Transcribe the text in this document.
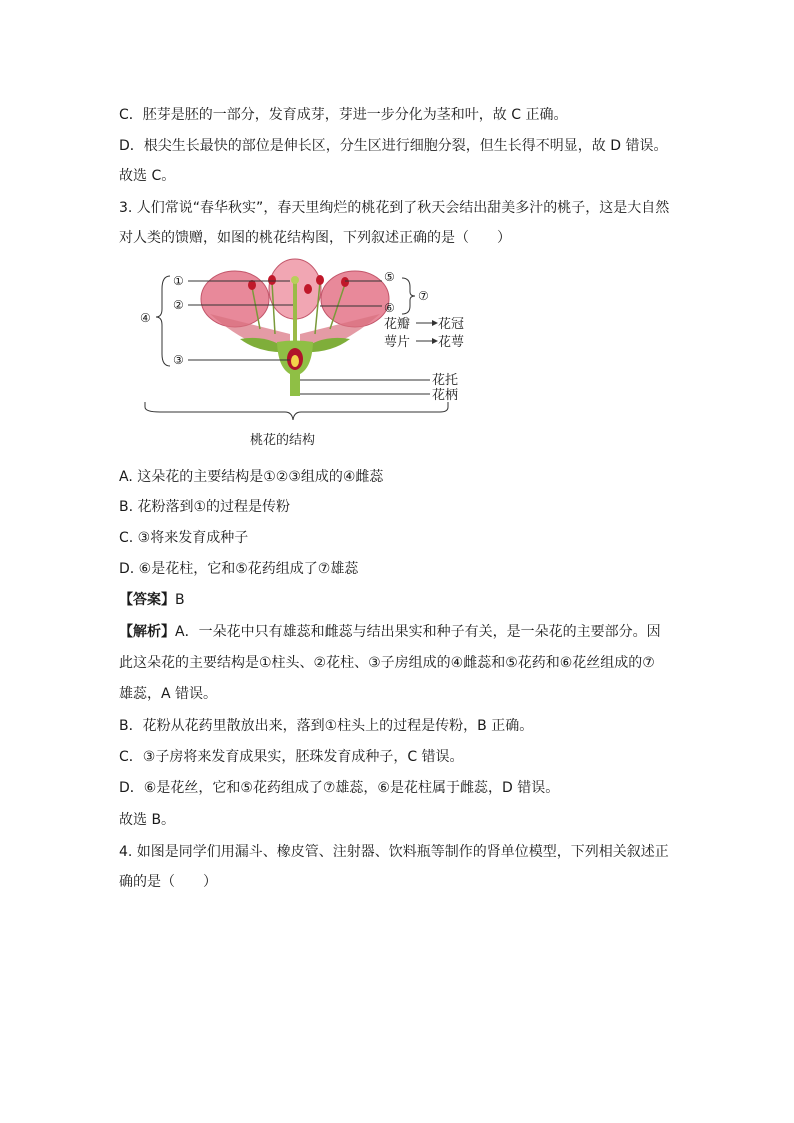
C．胚芽是胚的一部分，发育成芽，芽进一步分化为茎和叶，故 C 正确。
D．根尖生长最快的部位是伸长区，分生区进行细胞分裂，但生长得不明显，故 D 错误。
故选 C。
3. 人们常说“春华秋实”，春天里绚烂的桃花到了秋天会结出甜美多汁的桃子，这是大自然
对人类的馈赠，如图的桃花结构图，下列叙述正确的是（　　）
①
②
③
④
⑤
⑥
⑦
花瓣 花冠
萼片 花萼
花托
花柄
桃花的结构
A. 这朵花的主要结构是①②③组成的④雌蕊
B. 花粉落到①的过程是传粉
C. ③将来发育成种子
D. ⑥是花柱，它和⑤花药组成了⑦雄蕊
【答案】B
【解析】A．一朵花中只有雄蕊和雌蕊与结出果实和种子有关，是一朵花的主要部分。因
此这朵花的主要结构是①柱头、②花柱、③子房组成的④雌蕊和⑤花药和⑥花丝组成的⑦
雄蕊，A 错误。
B．花粉从花药里散放出来，落到①柱头上的过程是传粉，B 正确。
C．③子房将来发育成果实，胚珠发育成种子，C 错误。
D．⑥是花丝，它和⑤花药组成了⑦雄蕊，⑥是花柱属于雌蕊，D 错误。
故选 B。
4. 如图是同学们用漏斗、橡皮管、注射器、饮料瓶等制作的肾单位模型，下列相关叙述正
确的是（　　）
